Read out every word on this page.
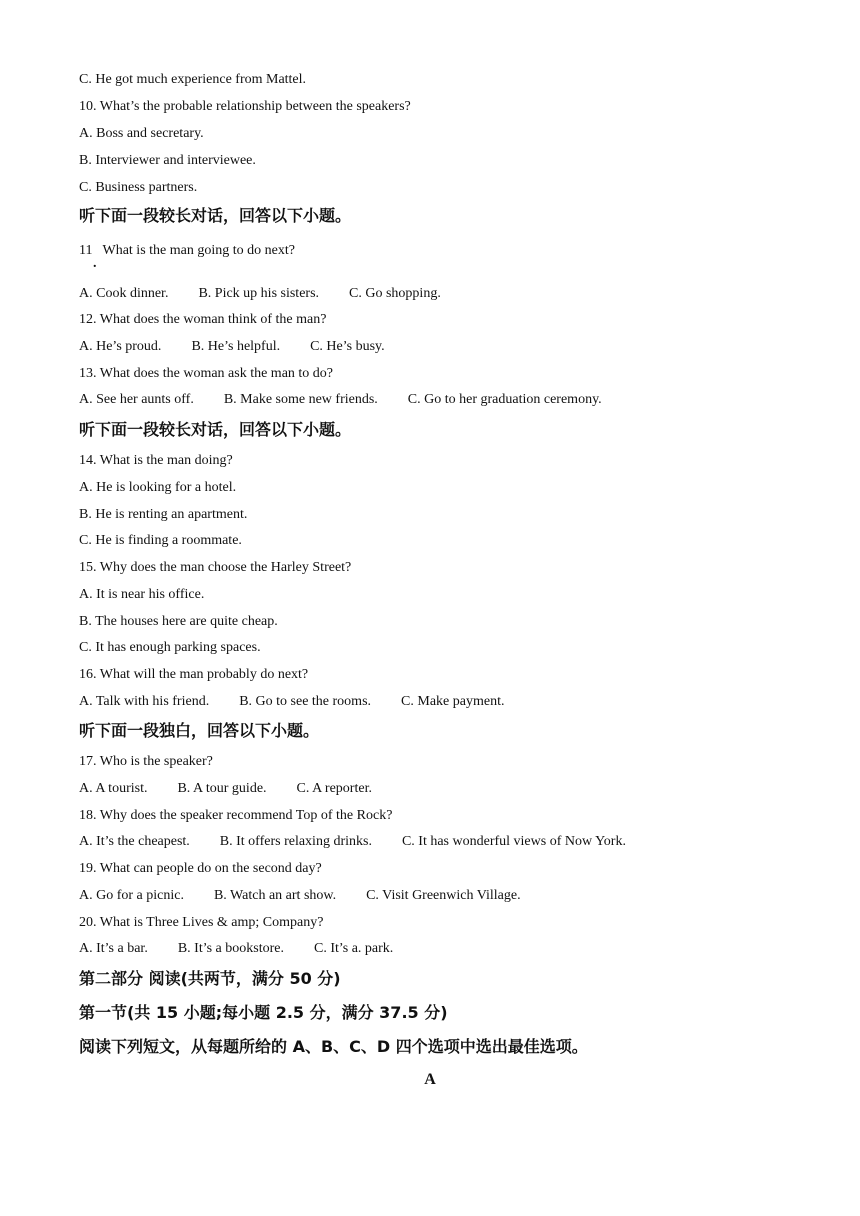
C. He got much experience from Mattel.
10. What’s the probable relationship between the speakers?
A. Boss and secretary.
B. Interviewer and interviewee.
C. Business partners.
听下面一段较长对话，回答以下小题。
11 What is the man going to do next?
.
A. Cook dinner. B. Pick up his sisters. C. Go shopping.
12. What does the woman think of the man?
A. He’s proud. B. He’s helpful. C. He’s busy.
13. What does the woman ask the man to do?
A. See her aunts off. B. Make some new friends. C. Go to her graduation ceremony.
听下面一段较长对话，回答以下小题。
14. What is the man doing?
A. He is looking for a hotel.
B. He is renting an apartment.
C. He is finding a roommate.
15. Why does the man choose the Harley Street?
A. It is near his office.
B. The houses here are quite cheap.
C. It has enough parking spaces.
16. What will the man probably do next?
A. Talk with his friend. B. Go to see the rooms. C. Make payment.
听下面一段独白，回答以下小题。
17. Who is the speaker?
A. A tourist. B. A tour guide. C. A reporter.
18. Why does the speaker recommend Top of the Rock?
A. It’s the cheapest. B. It offers relaxing drinks. C. It has wonderful views of Now York.
19. What can people do on the second day?
A. Go for a picnic. B. Watch an art show. C. Visit Greenwich Village.
20. What is Three Lives & amp; Company?
A. It’s a bar. B. It’s a bookstore. C. It’s a. park.
第二部分 阅读(共两节，满分 50 分)
第一节(共 15 小题;每小题 2.5 分，满分 37.5 分)
阅读下列短文，从每题所给的 A、B、C、D 四个选项中选出最佳选项。
A
